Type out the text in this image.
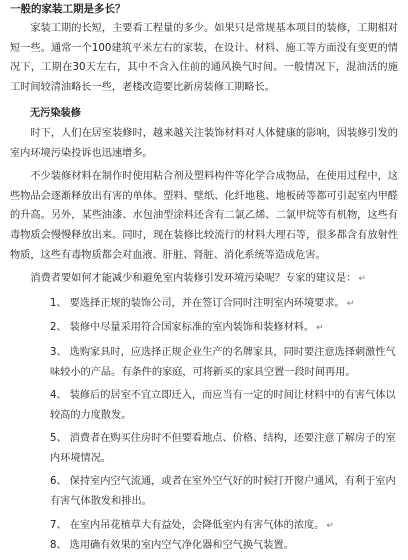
一般的家装工期是多长？

家装工期的长短，主要看工程量的多少。如果只是常规基本项目的装修，工期相对短一些。通常一个100建筑平米左右的家装，在设计、材料、施工等方面没有变更的情况下，工期在30天左右，其中不含入住前的通风换气时间。一般情况下，混油活的施工时间较清油略长一些，老楼改造要比新房装修工期略长。

无污染装修

时下，人们在居室装修时，越来越关注装饰材料对人体健康的影响，因装修引发的室内环境污染投诉也迅速增多。

不少装修材料在制作时使用粘合剂及塑料构件等化学合成物品，在使用过程中，这些物品会逐渐释放出有害的单体。塑料、壁纸、化纤地毯、地板砖等都可引起室内甲醛的升高。另外，某些油漆、水包油型涂料还含有二氯乙烯、二氯甲烷等有机物，这些有毒物质会慢慢释放出来。同时，现在装修比较流行的材料大理石等，很多都含有放射性物质，这些有毒物质都会对血液、肝脏、肾脏、消化系统等造成危害。

消费者要如何才能减少和避免室内装修引发环境污染呢？专家的建议是： ↵

1、 要选择正规的装饰公司，并在签订合同时注明室内环境要求。 ↵

2、 装修中尽量采用符合国家标准的室内装饰和装修材料。 ↵

3、 选购家具时，应选择正规企业生产的名牌家具，同时要注意选择刺激性气味较小的产品。有条件的家庭，可将新买的家具空置一段时间再用。

4、 装修后的居室不宜立即迁入，而应当有一定的时间让材料中的有害气体以较高的力度散发。

5、 消费者在购买住房时不但要看地点、价格、结构，还要注意了解房子的室内环境情况。

6、 保持室内空气流通，或者在室外空气好的时候打开窗户通风，有利于室内有害气体散发和排出。

7、 在室内吊花植草大有益处，会降低室内有害气体的浓度。 ↵

8、 选用确有效果的室内空气净化器和空气换气装置。
